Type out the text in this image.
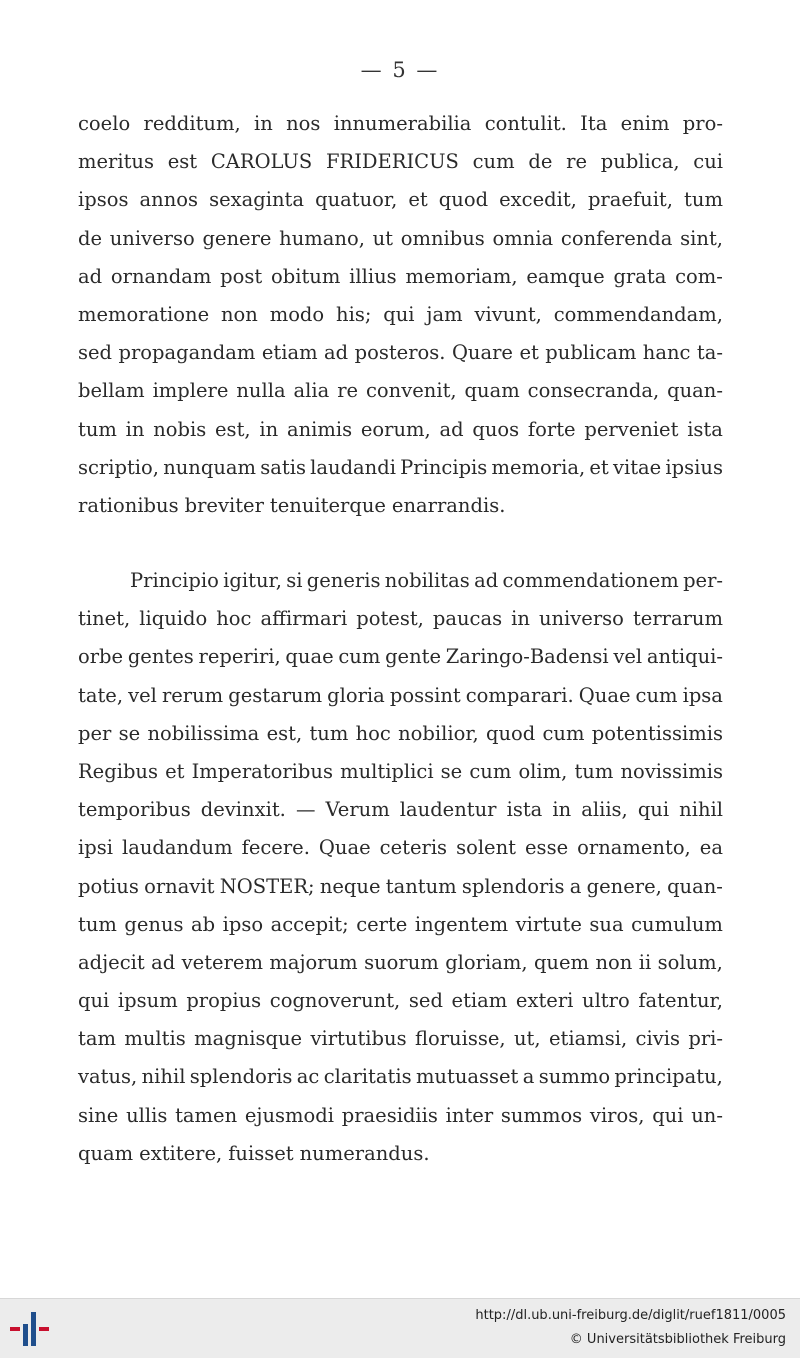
— 5 —
coelo redditum, in nos innumerabilia contulit. Ita enim pro-
meritus est CAROLUS FRIDERICUS cum de re publica, cui
ipsos annos sexaginta quatuor, et quod excedit, praefuit, tum
de universo genere humano, ut omnibus omnia conferenda sint,
ad ornandam post obitum illius memoriam, eamque grata com-
memoratione non modo his; qui jam vivunt, commendandam,
sed propagandam etiam ad posteros. Quare et publicam hanc ta-
bellam implere nulla alia re convenit, quam consecranda, quan-
tum in nobis est, in animis eorum, ad quos forte perveniet ista
scriptio, nunquam satis laudandi Principis memoria, et vitae ipsius
rationibus breviter tenuiterque enarrandis.
Principio igitur, si generis nobilitas ad commendationem per-
tinet, liquido hoc affirmari potest, paucas in universo terrarum
orbe gentes reperiri, quae cum gente Zaringo-Badensi vel antiqui-
tate, vel rerum gestarum gloria possint comparari. Quae cum ipsa
per se nobilissima est, tum hoc nobilior, quod cum potentissimis
Regibus et Imperatoribus multiplici se cum olim, tum novissimis
temporibus devinxit. — Verum laudentur ista in aliis, qui nihil
ipsi laudandum fecere. Quae ceteris solent esse ornamento, ea
potius ornavit NOSTER; neque tantum splendoris a genere, quan-
tum genus ab ipso accepit; certe ingentem virtute sua cumulum
adjecit ad veterem majorum suorum gloriam, quem non ii solum,
qui ipsum propius cognoverunt, sed etiam exteri ultro fatentur,
tam multis magnisque virtutibus floruisse, ut, etiamsi, civis pri-
vatus, nihil splendoris ac claritatis mutuasset a summo principatu,
sine ullis tamen ejusmodi praesidiis inter summos viros, qui un-
quam extitere, fuisset numerandus.
http://dl.ub.uni-freiburg.de/diglit/ruef1811/0005
© Universitätsbibliothek Freiburg
